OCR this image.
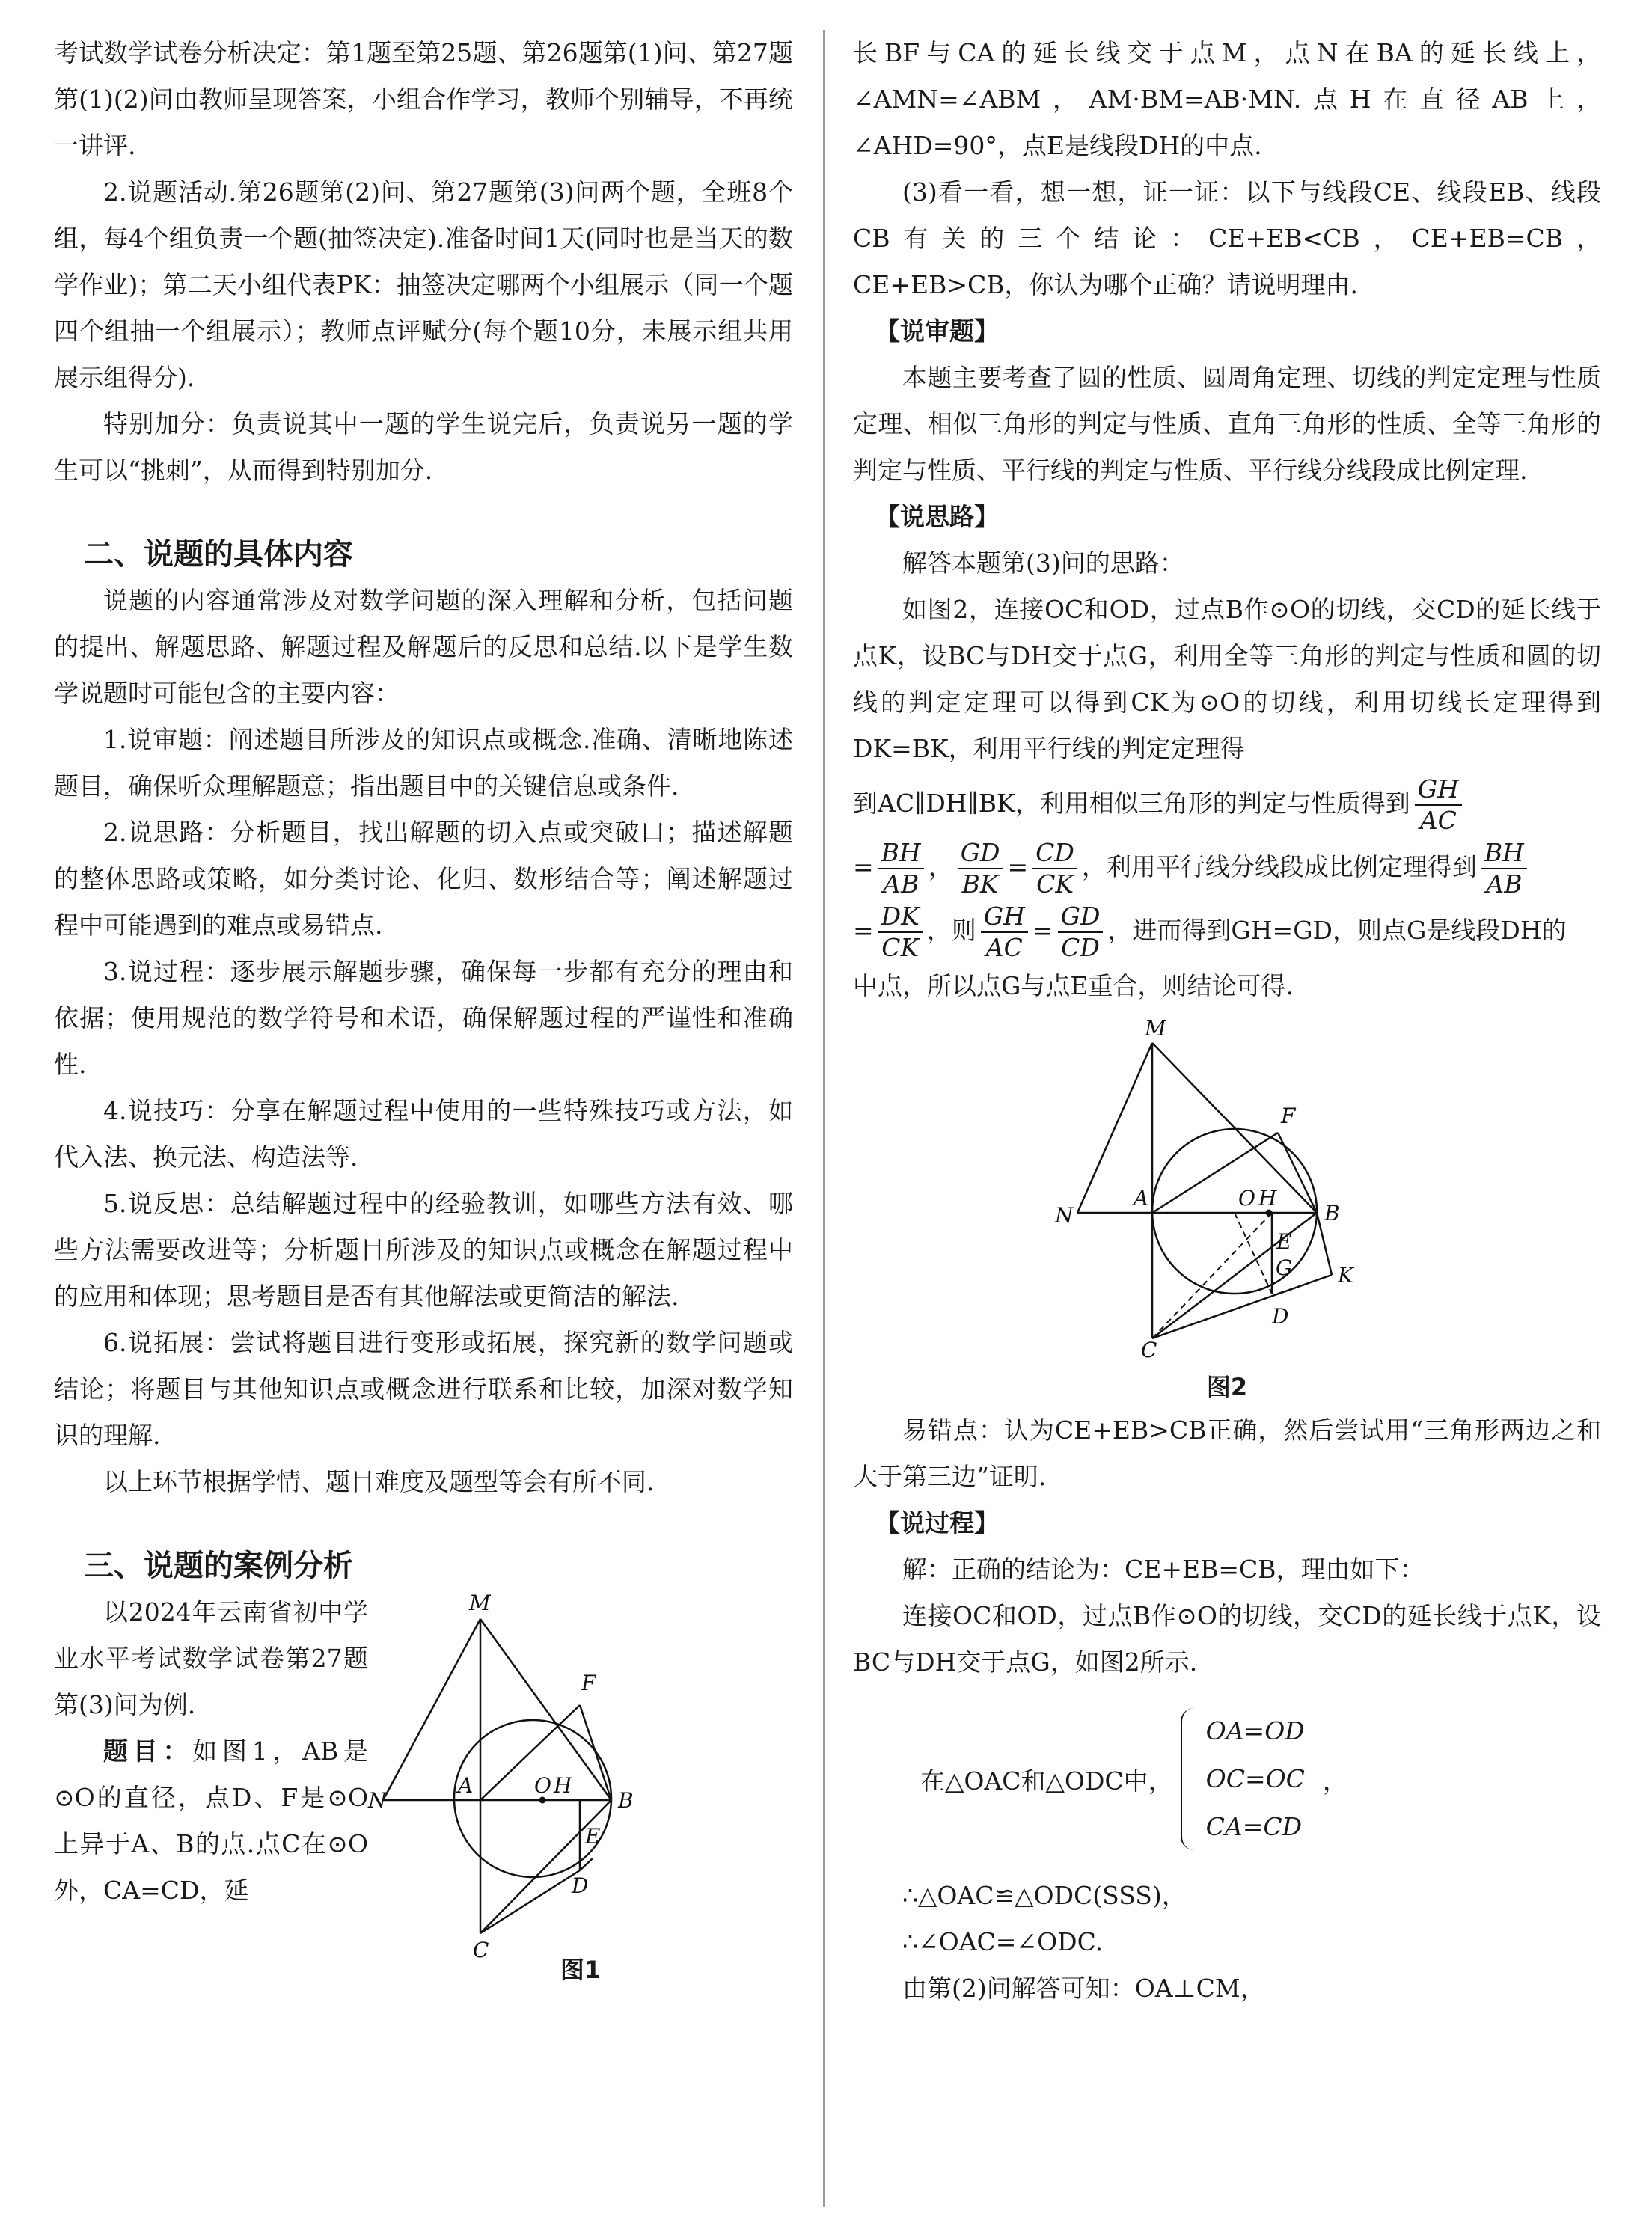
考试数学试卷分析决定：第1题至第25题、第26题第(1)问、第27题第(1)(2)问由教师呈现答案，小组合作学习，教师个别辅导，不再统一讲评.

2.说题活动.第26题第(2)问、第27题第(3)问两个题，全班8个组，每4个组负责一个题(抽签决定).准备时间1天(同时也是当天的数学作业)；第二天小组代表PK：抽签决定哪两个小组展示（同一个题四个组抽一个组展示）；教师点评赋分(每个题10分，未展示组共用展示组得分).

特别加分：负责说其中一题的学生说完后，负责说另一题的学生可以“挑刺”，从而得到特别加分.

二、说题的具体内容

说题的内容通常涉及对数学问题的深入理解和分析，包括问题的提出、解题思路、解题过程及解题后的反思和总结.以下是学生数学说题时可能包含的主要内容：

1.说审题：阐述题目所涉及的知识点或概念.准确、清晰地陈述题目，确保听众理解题意；指出题目中的关键信息或条件.

2.说思路：分析题目，找出解题的切入点或突破口；描述解题的整体思路或策略，如分类讨论、化归、数形结合等；阐述解题过程中可能遇到的难点或易错点.

3.说过程：逐步展示解题步骤，确保每一步都有充分的理由和依据；使用规范的数学符号和术语，确保解题过程的严谨性和准确性.

4.说技巧：分享在解题过程中使用的一些特殊技巧或方法，如代入法、换元法、构造法等.

5.说反思：总结解题过程中的经验教训，如哪些方法有效、哪些方法需要改进等；分析题目所涉及的知识点或概念在解题过程中的应用和体现；思考题目是否有其他解法或更简洁的解法.

6.说拓展：尝试将题目进行变形或拓展，探究新的数学问题或结论；将题目与其他知识点或概念进行联系和比较，加深对数学知识的理解.

以上环节根据学情、题目难度及题型等会有所不同.

三、说题的案例分析

以2024年云南省初中学业水平考试数学试卷第27题第(3)问为例.

题目：如图1，AB是⊙O的直径，点D、F是⊙O上异于A、B的点.点C在⊙O外，CA=CD，延

M
F
N
A	O H
B
E
D
C
图1

长BF与CA的延长线交于点M，点N在BA的延长线上，∠AMN=∠ABM，AM·BM=AB·MN.点H在直径AB上，∠AHD=90°，点E是线段DH的中点.

(3)看一看，想一想，证一证：以下与线段CE、线段EB、线段CB有关的三个结论：CE+EB<CB，CE+EB=CB，CE+EB>CB，你认为哪个正确？请说明理由.

【说审题】

本题主要考查了圆的性质、圆周角定理、切线的判定定理与性质定理、相似三角形的判定与性质、直角三角形的性质、全等三角形的判定与性质、平行线的判定与性质、平行线分线段成比例定理.

【说思路】

解答本题第(3)问的思路：

如图2，连接OC和OD，过点B作⊙O的切线，交CD的延长线于点K，设BC与DH交于点G，利用全等三角形的判定与性质和圆的切线的判定定理可以得到CK为⊙O的切线，利用切线长定理得到DK=BK，利用平行线的判定定理得

到AC∥DH∥BK，利用相似三角形的判定与性质得到 $\frac{GH}{AC}$
= $\frac{BH}{AB}$ ， $\frac{GD}{BK} = \frac{CD}{CK}$ ，利用平行线分线段成比例定理得到 $\frac{BH}{AB}$
= $\frac{DK}{CK}$ ，则 $\frac{GH}{AC} = \frac{GD}{CD}$ ，进而得到GH=GD，则点G是线段DH的

中点，所以点G与点E重合，则结论可得.

M
F
N
A	O H
B
E
G K
D
C
图2

易错点：认为CE+EB>CB正确，然后尝试用“三角形两边之和大于第三边”证明.

【说过程】

解：正确的结论为：CE+EB=CB，理由如下：

连接OC和OD，过点B作⊙O的切线，交CD的延长线于点K，设BC与DH交于点G，如图2所示.

在△OAC和△ODC中，
OA=OD
OC=OC
CA=CD
，

∴△OAC≌△ODC(SSS)，

∴∠OAC=∠ODC.

由第(2)问解答可知：OA⊥CM，
